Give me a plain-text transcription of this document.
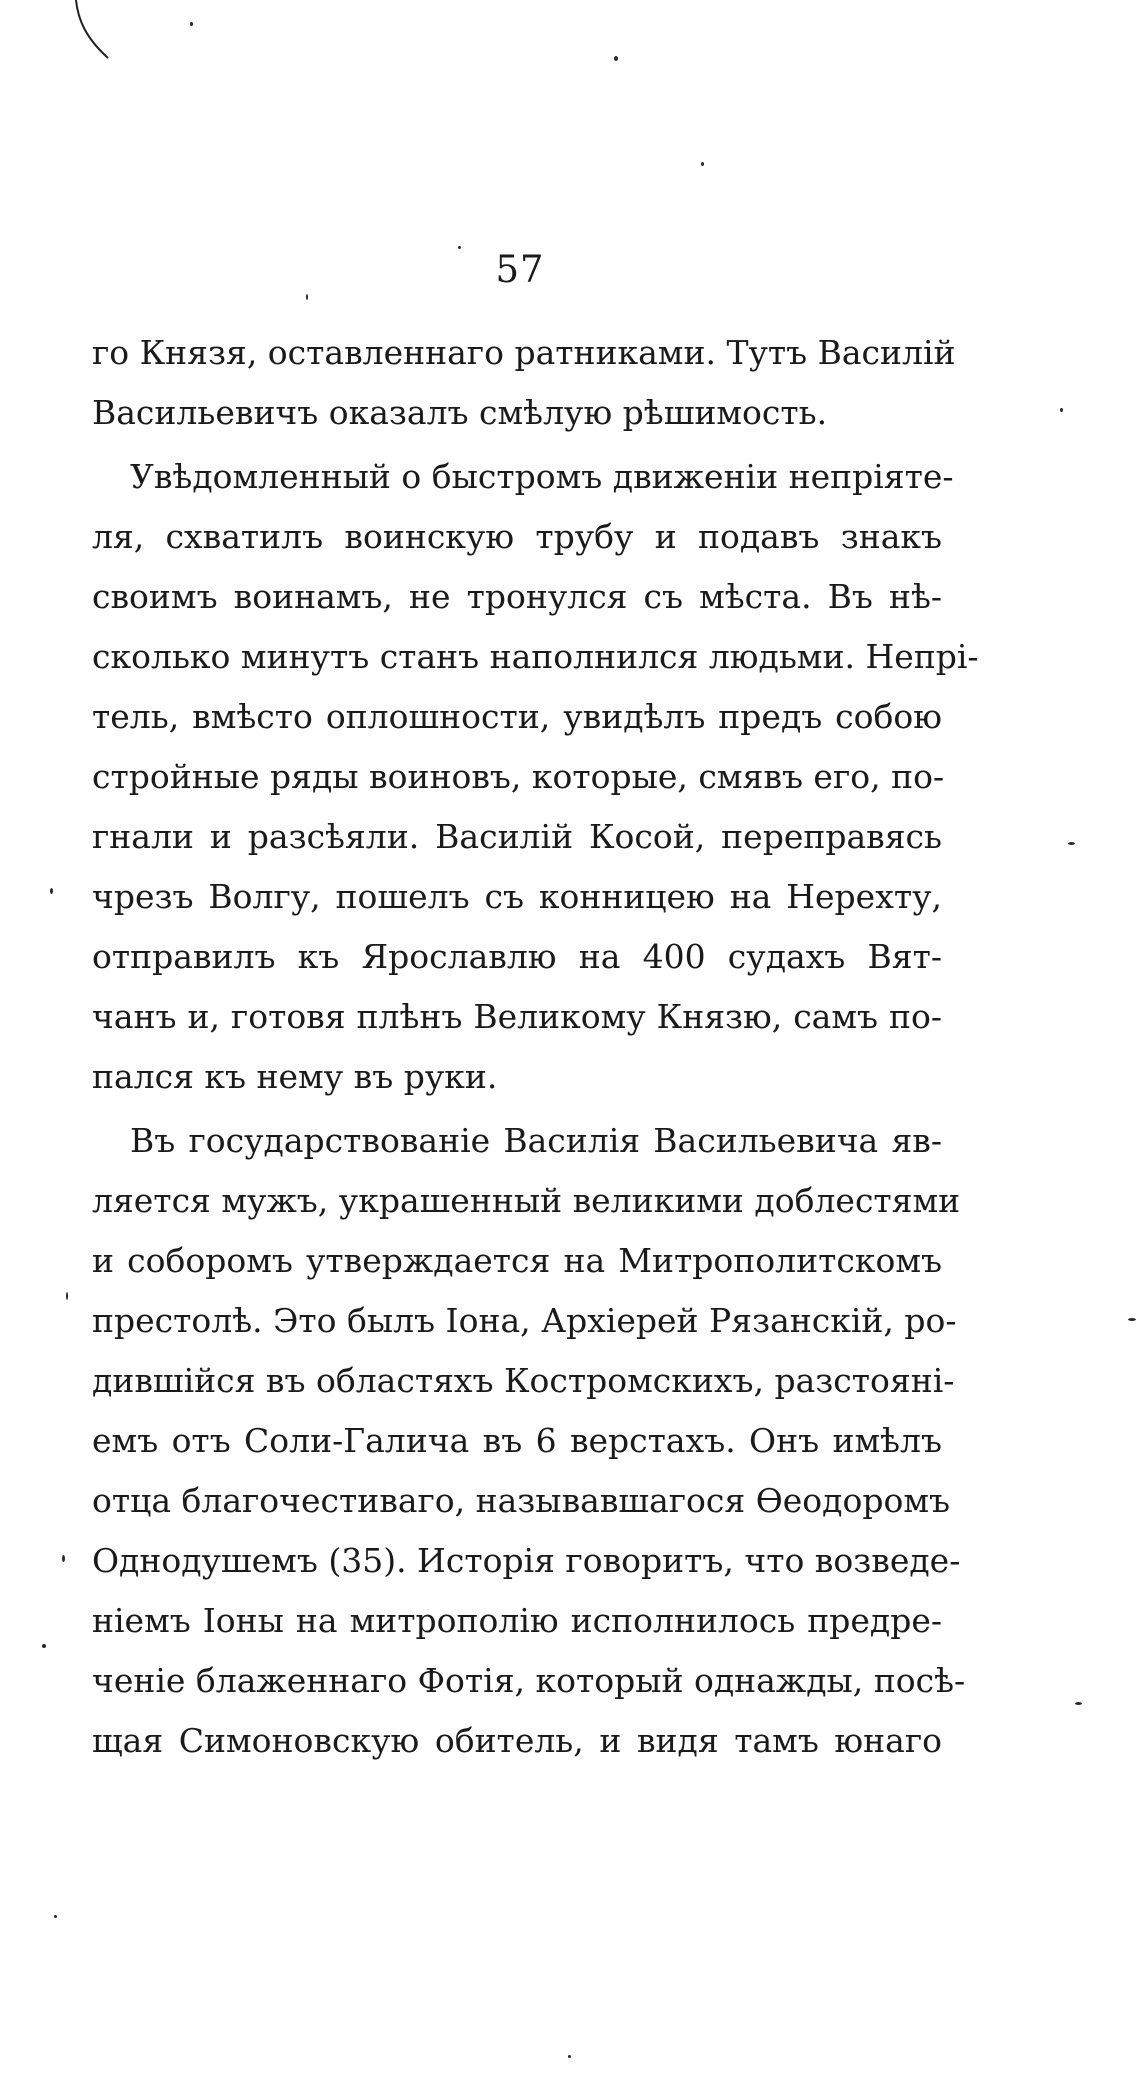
57
го Князя, оставленнаго ратниками. Тутъ Василiй
Васильевичъ оказалъ смѣлую рѣшимость.
Увѣдомленный о быстромъ движенiи непрiяте-
ля, схватилъ воинскую трубу и подавъ знакъ
своимъ воинамъ, не тронулся съ мѣста. Въ нѣ-
сколько минутъ станъ наполнился людьми. Непрi-
тель, вмѣсто оплошности, увидѣлъ предъ собою
стройные ряды воиновъ, которые, смявъ его, по-
гнали и разсѣяли. Василiй Косой, переправясь
чрезъ Волгу, пошелъ съ конницею на Нерехту,
отправилъ къ Ярославлю на 400 судахъ Вят-
чанъ и, готовя плѣнъ Великому Князю, самъ по-
пался къ нему въ руки.
Въ государствованiе Василiя Васильевича яв-
ляется мужъ, украшенный великими доблестями
и соборомъ утверждается на Митрополитскомъ
престолѣ. Это былъ Iона, Архiерей Рязанскiй, ро-
дившiйся въ областяхъ Костромскихъ, разстоянi-
емъ отъ Соли-Галича въ 6 верстахъ. Онъ имѣлъ
отца благочестиваго, называвшагося Өеодоромъ
Однодушемъ (35). Исторiя говоритъ, что возведе-
нiемъ Iоны на митрополiю исполнилось предре-
ченiе блаженнаго Фотiя, который однажды, посѣ-
щая Симоновскую обитель, и видя тамъ юнаго
